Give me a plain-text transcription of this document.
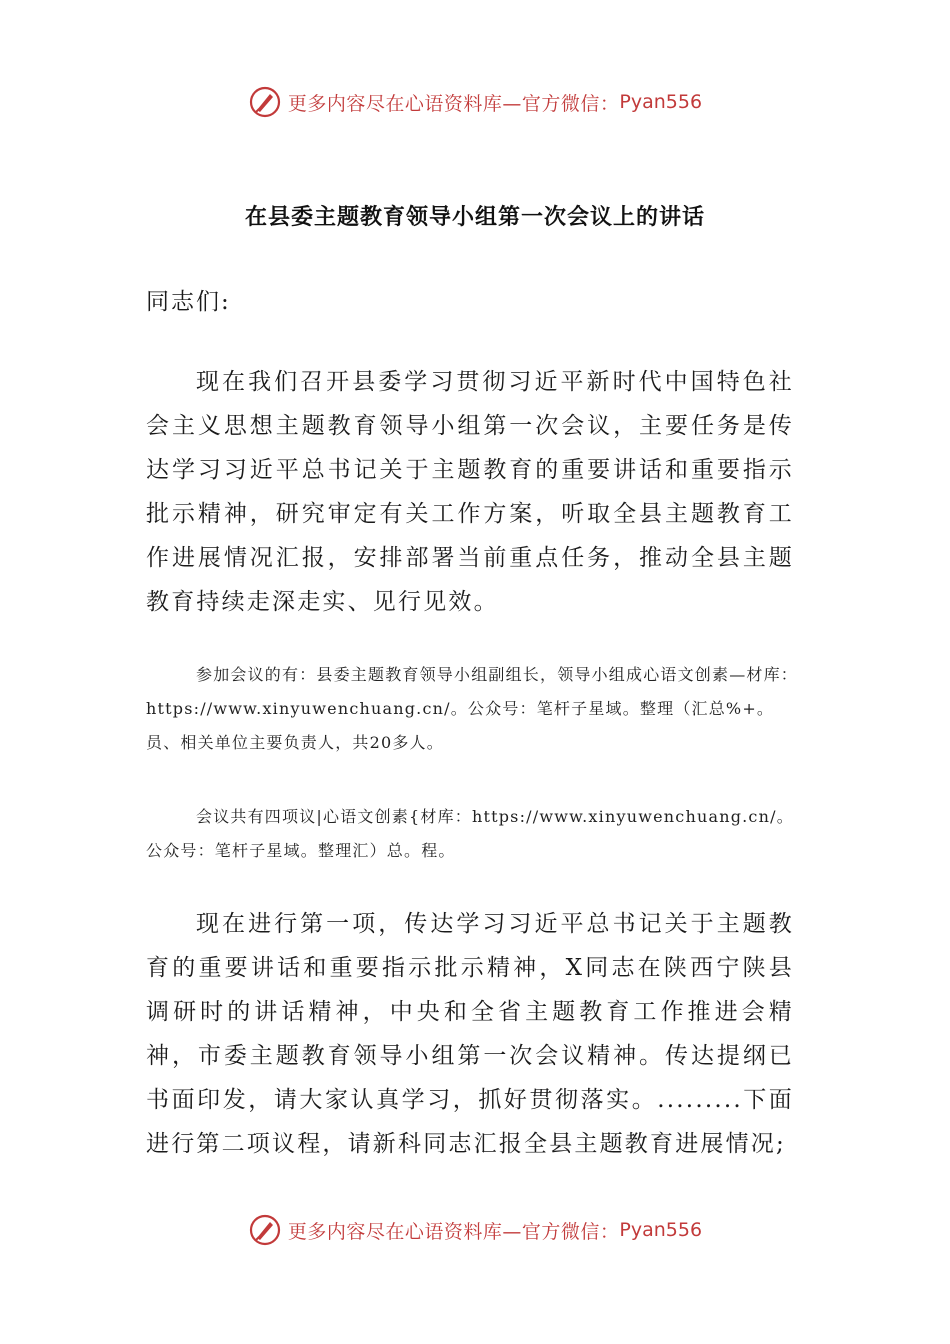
更多内容尽在心语资料库—官方微信： Pyan556
在县委主题教育领导小组第一次会议上的讲话
同志们:

现在我们召开县委学习贯彻习近平新时代中国特色社会主义思想主题教育领导小组第一次会议，主要任务是传达学习习近平总书记关于主题教育的重要讲话和重要指示批示精神，研究审定有关工作方案，听取全县主题教育工作进展情况汇报，安排部署当前重点任务，推动全县主题教育持续走深走实、见行见效。

参加会议的有：县委主题教育领导小组副组长，领导小组成心语文创素—材库：https://www.xinyuwenchuang.cn/。公众号：笔杆子星域。整理（汇总%+。员、相关单位主要负责人，共20多人。

会议共有四项议|心语文创素{材库：https://www.xinyuwenchuang.cn/。公众号：笔杆子星域。整理汇）总。程。

现在进行第一项，传达学习习近平总书记关于主题教育的重要讲话和重要指示批示精神，X同志在陕西宁陕县调研时的讲话精神，中央和全省主题教育工作推进会精神，市委主题教育领导小组第一次会议精神。传达提纲已书面印发，请大家认真学习，抓好贯彻落实。.........下面进行第二项议程，请新科同志汇报全县主题教育进展情况;

更多内容尽在心语资料库—官方微信： Pyan556
